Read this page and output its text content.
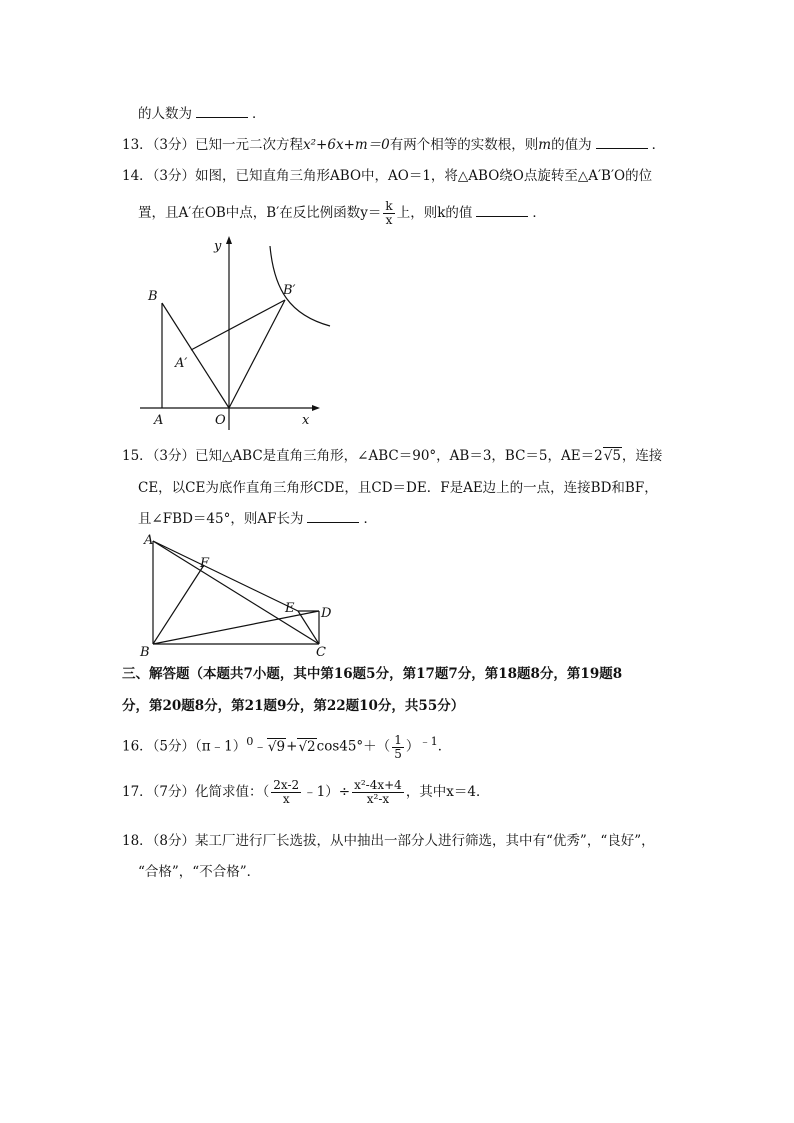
的人数为	．
13．（3分）已知一元二次方程x²+6x+m＝0有两个相等的实数根，则m的值为	．
14．（3分）如图，已知直角三角形ABO中，AO＝1，将△ABO绕O点旋转至△A′B′O的位
置，且A′在OB中点，B′在反比例函数$y= \frac{k}{x}$ 上，则k的值	．
y
x
B	B′
A′
A	O
15．（3分）已知△ABC是直角三角形，∠ABC＝90°，AB＝3，BC＝5，AE＝2√5，连接
CE，以CE为底作直角三角形CDE，且CD＝DE．F是AE边上的一点，连接BD和BF，
且∠FBD＝45°，则AF长为	．
A
F
E D
B	C
三、解答题（本题共7小题，其中第16题5分，第17题7分，第18题8分，第19题8
分，第20题8分，第21题9分，第22题10分，共55分）
16．（5分）（π﹣1）$^0$﹣√9+√2cos45°＋（ $\frac{1}{5} )^{﹣1}$．
17．（7分）化简求值：（ $\frac{2x-2}{x}$ ﹣1）÷ $\frac{\text{x²-4x+4}}{\text{x²-x}}$ ，其中x＝4．
18．（8分）某工厂进行厂长选拔，从中抽出一部分人进行筛选，其中有“优秀”，“良好”，
“合格”，“不合格”．
